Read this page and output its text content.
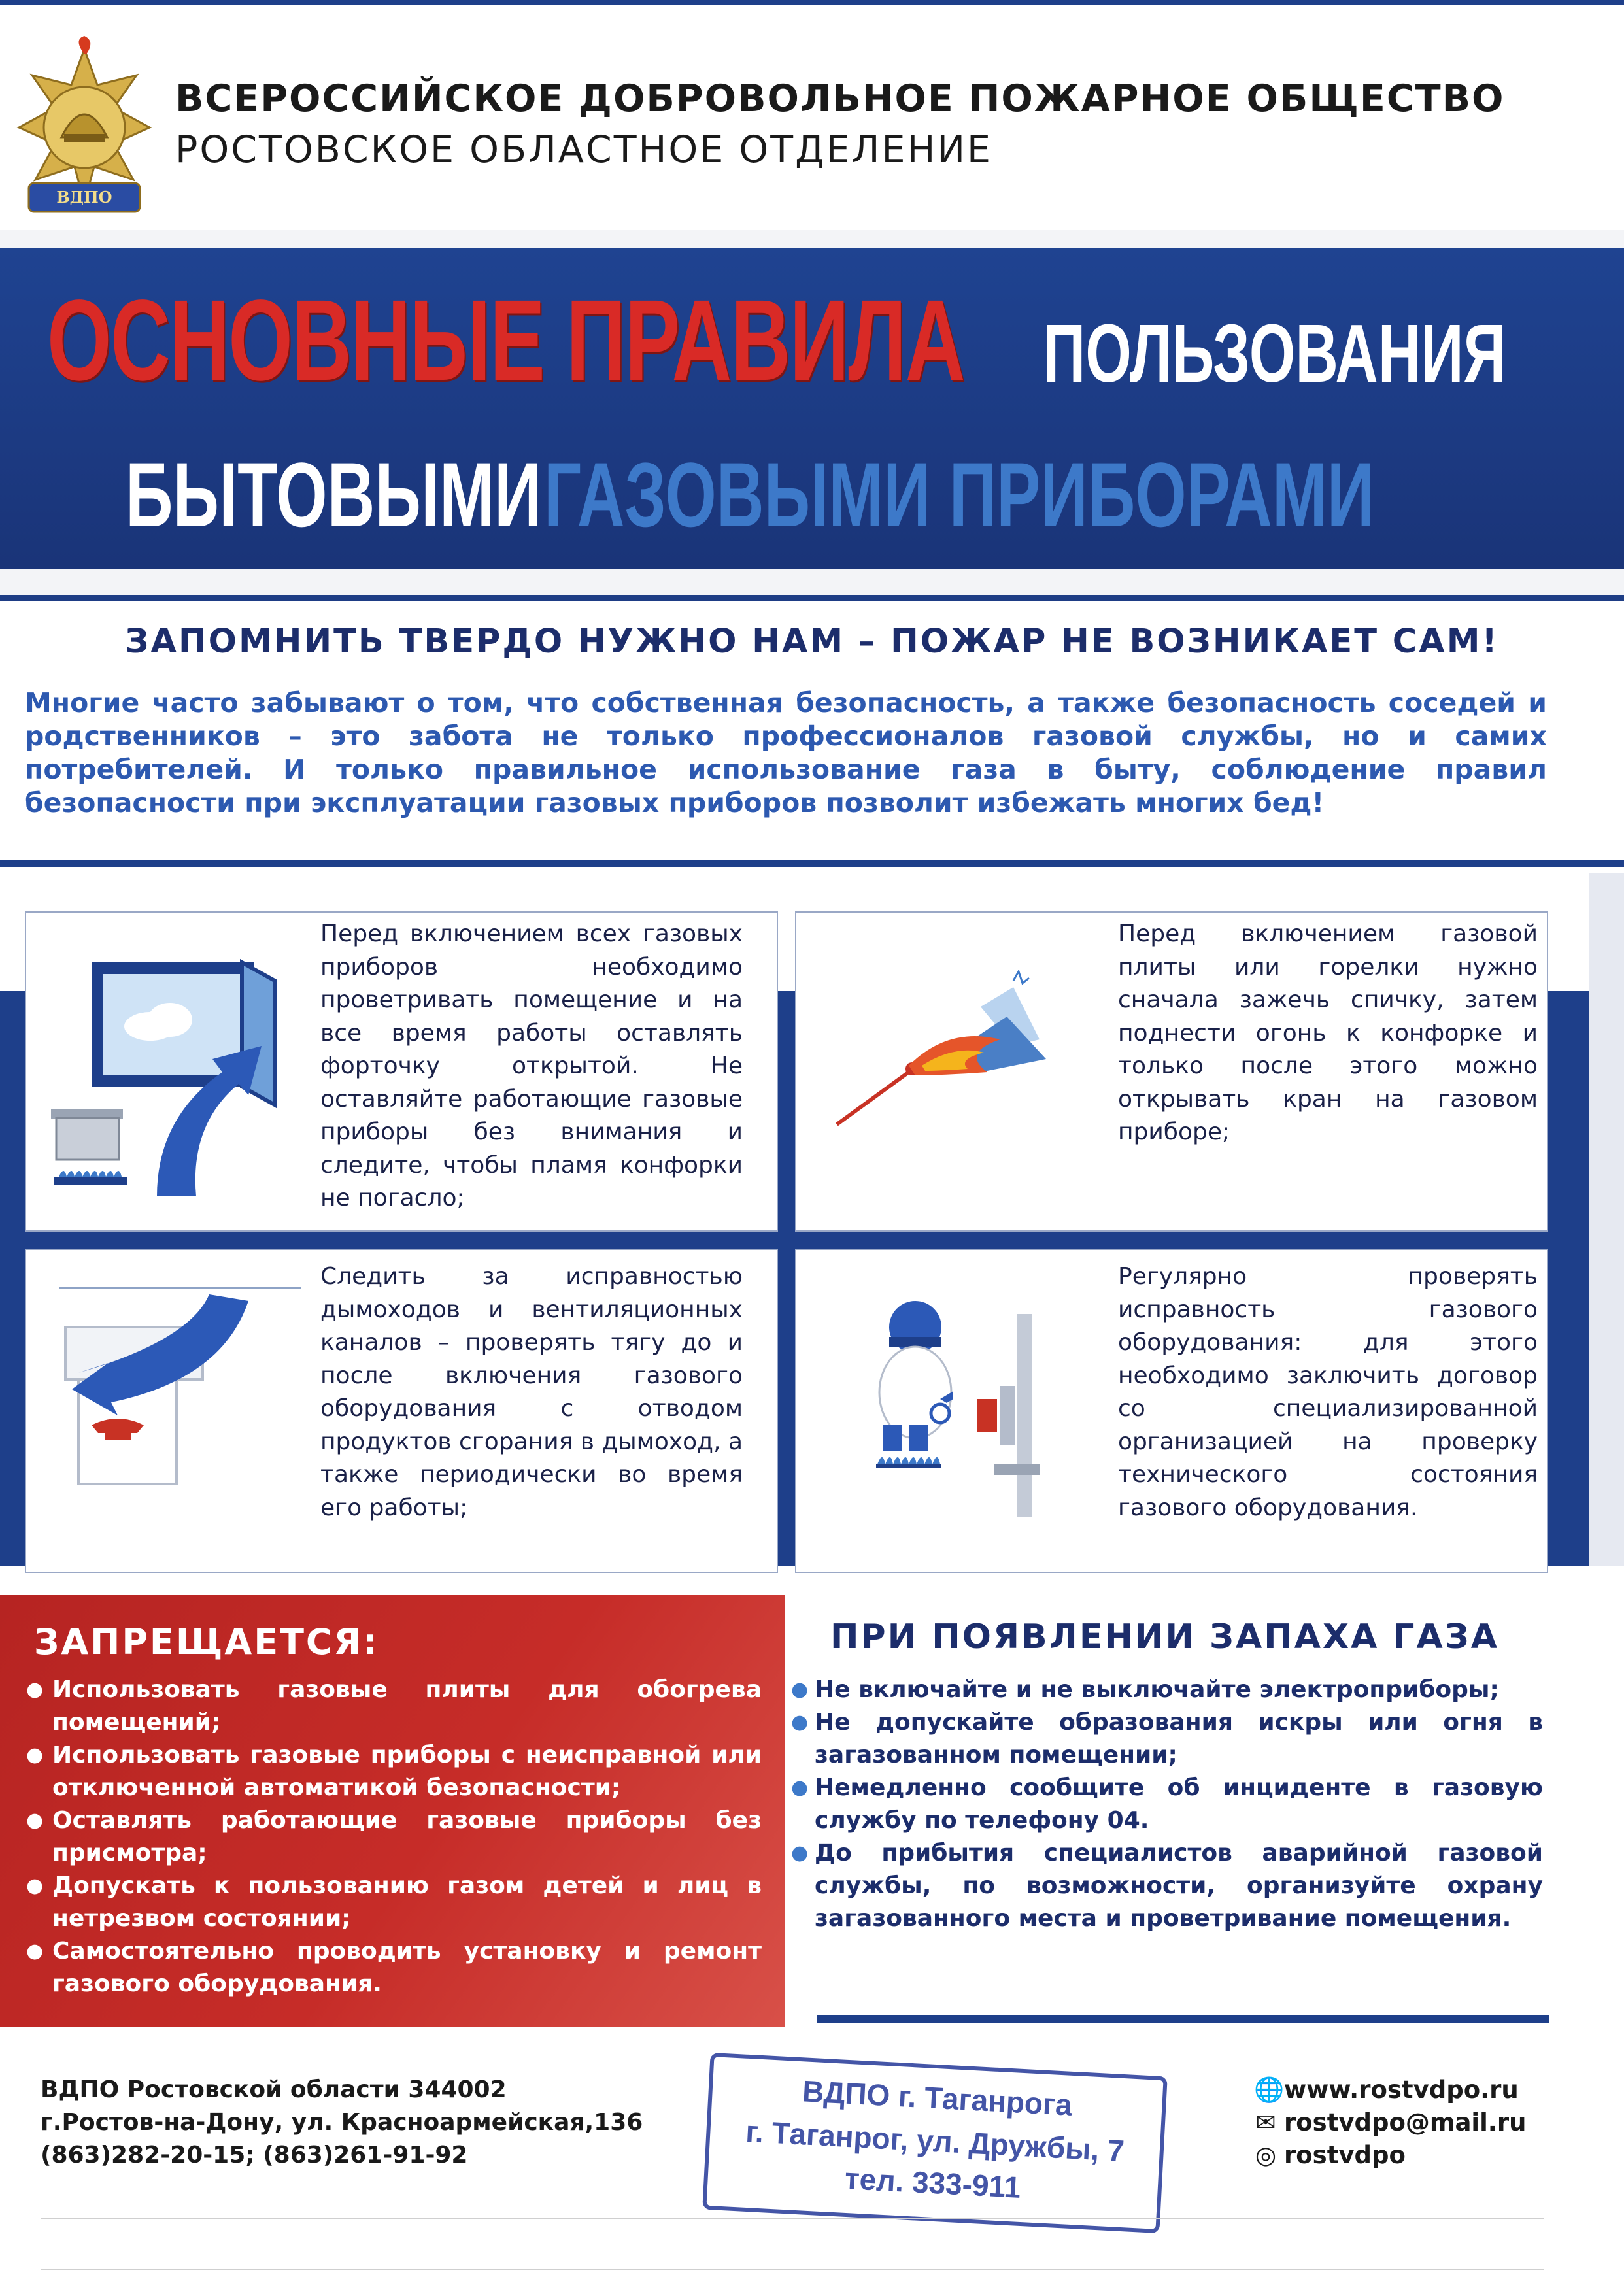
ВДПО
ВСЕРОССИЙСКОЕ ДОБРОВОЛЬНОЕ ПОЖАРНОЕ ОБЩЕСТВО
РОСТОВСКОЕ ОБЛАСТНОЕ ОТДЕЛЕНИЕ
ОСНОВНЫЕ ПРАВИЛА ПОЛЬЗОВАНИЯ
БЫТОВЫМИ ГАЗОВЫМИ ПРИБОРАМИ
ЗАПОМНИТЬ ТВЕРДО НУЖНО НАМ – ПОЖАР НЕ ВОЗНИКАЕТ САМ!
Многие часто забывают о том, что собственная безопасность, а также безопасность соседей и родственников – это забота не только профессионалов газовой службы, но и самих потребителей. И только правильное использование газа в быту, соблюдение правил безопасности при эксплуатации газовых приборов позволит избежать многих бед!
Перед включением всех газовых приборов необходимо проветривать помещение и на все время работы оставлять форточку открытой. Не оставляйте работающие газовые приборы без внимания и следите, чтобы пламя конфорки не погасло;
Перед включением газовой плиты или горелки нужно сначала зажечь спичку, затем поднести огонь к конфорке и только после этого можно открывать кран на газовом приборе;
Следить за исправностью дымоходов и вентиляционных каналов – проверять тягу до и после включения газового оборудования с отводом продуктов сгорания в дымоход, а также периодически во время его работы;
Регулярно проверять исправность газового оборудования: для этого необходимо заключить договор со специализированной организацией на проверку технического состояния газового оборудования.
ЗАПРЕЩАЕТСЯ:
● Использовать газовые плиты для обогрева помещений;
● Использовать газовые приборы с неисправной или отключенной автоматикой безопасности;
● Оставлять работающие газовые приборы без присмотра;
● Допускать к пользованию газом детей и лиц в нетрезвом состоянии;
● Самостоятельно проводить установку и ремонт газового оборудования.
ПРИ ПОЯВЛЕНИИ ЗАПАХА ГАЗА
● Не включайте и не выключайте электроприборы;
● Не допускайте образования искры или огня в загазованном помещении;
● Немедленно сообщите об инциденте в газовую службу по телефону 04.
● До прибытия специалистов аварийной газовой службы, по возможности, организуйте охрану загазованного места и проветривание помещения.
ВДПО Ростовской области 344002
г.Ростов-на-Дону, ул. Красноармейская,136
(863)282-20-15; (863)261-91-92
ВДПО г. Таганрога
г. Таганрог, ул. Дружбы, 7
тел. 333-911
🌐www.rostvdpo.ru
✉ rostvdpo@mail.ru
◎ rostvdpo
